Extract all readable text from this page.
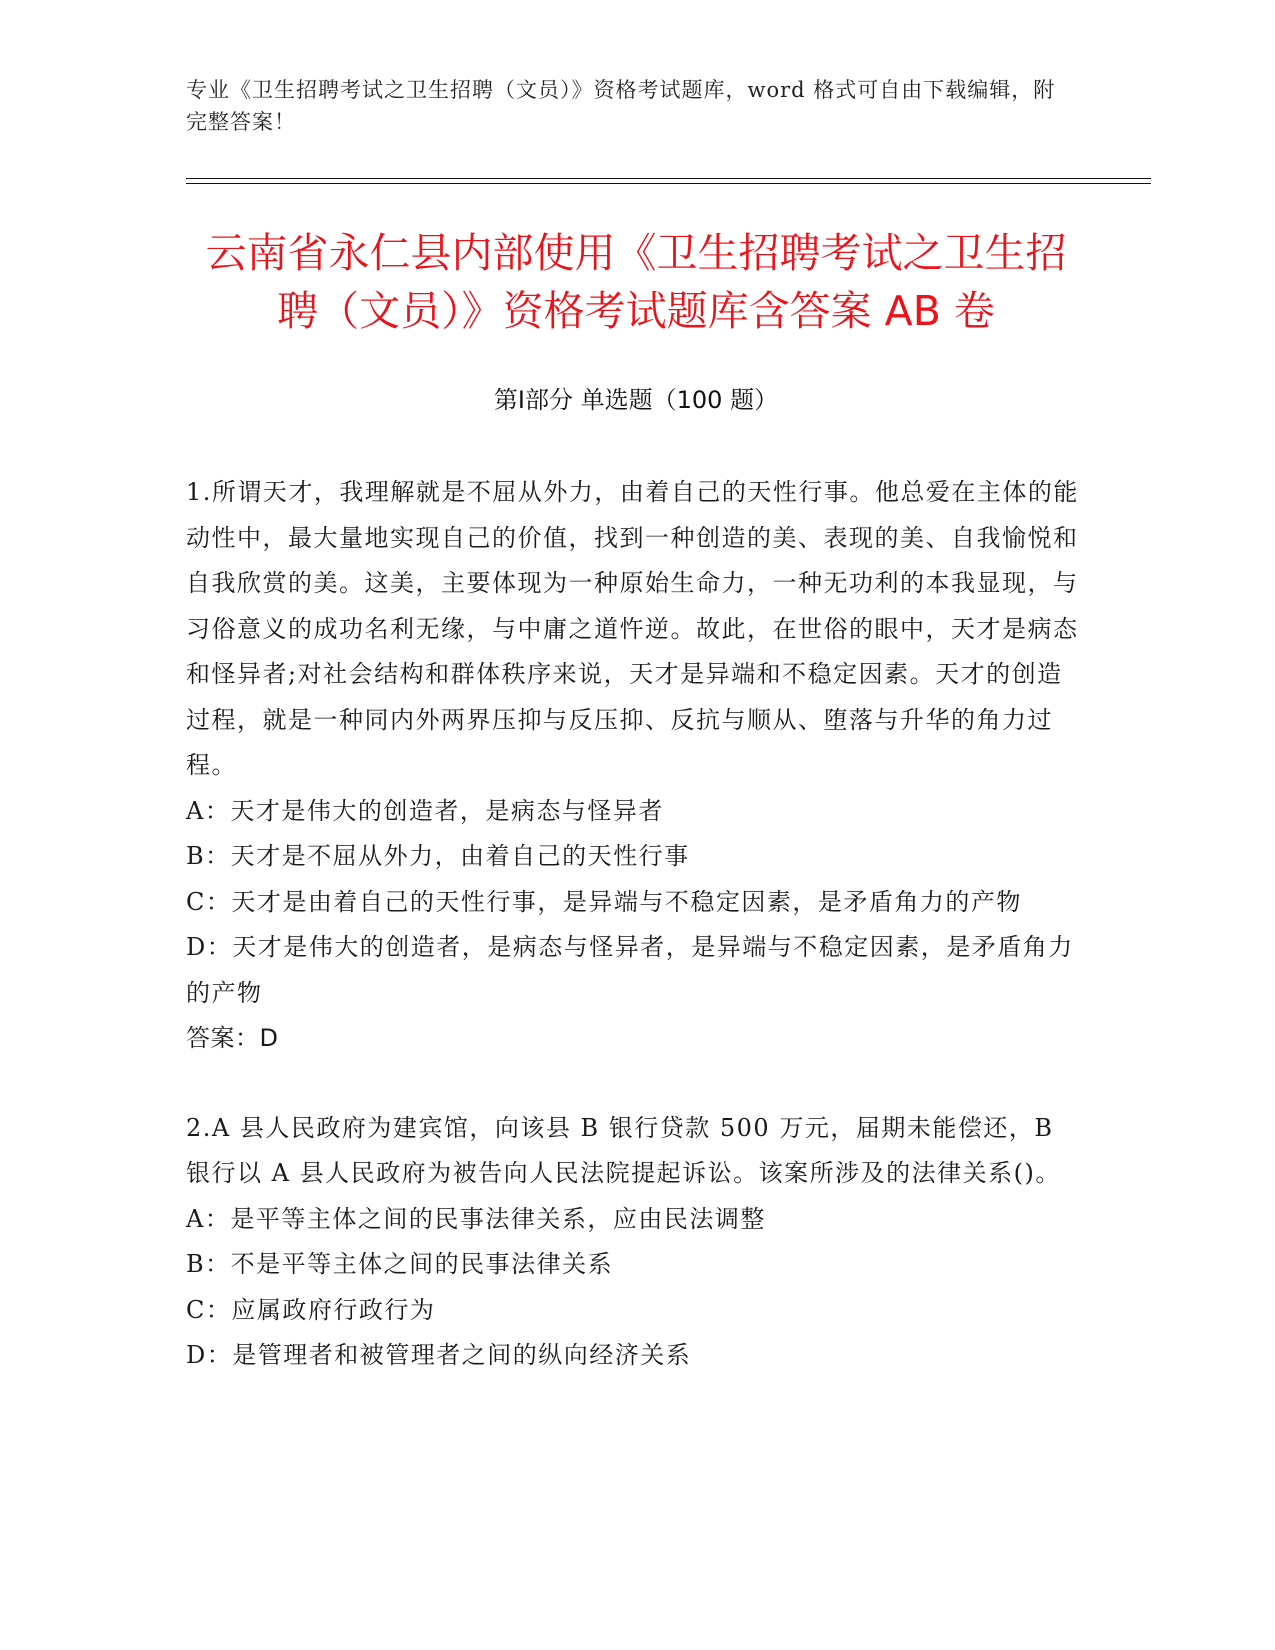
专业《卫生招聘考试之卫生招聘（文员）》资格考试题库，word 格式可自由下载编辑，附完整答案！
云南省永仁县内部使用《卫生招聘考试之卫生招聘（文员）》资格考试题库含答案 AB 卷
第Ⅰ部分 单选题（100 题）

1.所谓天才，我理解就是不屈从外力，由着自己的天性行事。他总爱在主体的能动性中，最大量地实现自己的价值，找到一种创造的美、表现的美、自我愉悦和自我欣赏的美。这美，主要体现为一种原始生命力，一种无功利的本我显现，与习俗意义的成功名利无缘，与中庸之道忤逆。故此，在世俗的眼中，天才是病态和怪异者;对社会结构和群体秩序来说，天才是异端和不稳定因素。天才的创造过程，就是一种同内外两界压抑与反压抑、反抗与顺从、堕落与升华的角力过程。

A：天才是伟大的创造者，是病态与怪异者

B：天才是不屈从外力，由着自己的天性行事

C：天才是由着自己的天性行事，是异端与不稳定因素，是矛盾角力的产物

D：天才是伟大的创造者，是病态与怪异者，是异端与不稳定因素，是矛盾角力的产物

答案：D

2.A 县人民政府为建宾馆，向该县 B 银行贷款 500 万元，届期未能偿还，B 银行以 A 县人民政府为被告向人民法院提起诉讼。该案所涉及的法律关系()。

A：是平等主体之间的民事法律关系，应由民法调整

B：不是平等主体之间的民事法律关系

C：应属政府行政行为

D：是管理者和被管理者之间的纵向经济关系
